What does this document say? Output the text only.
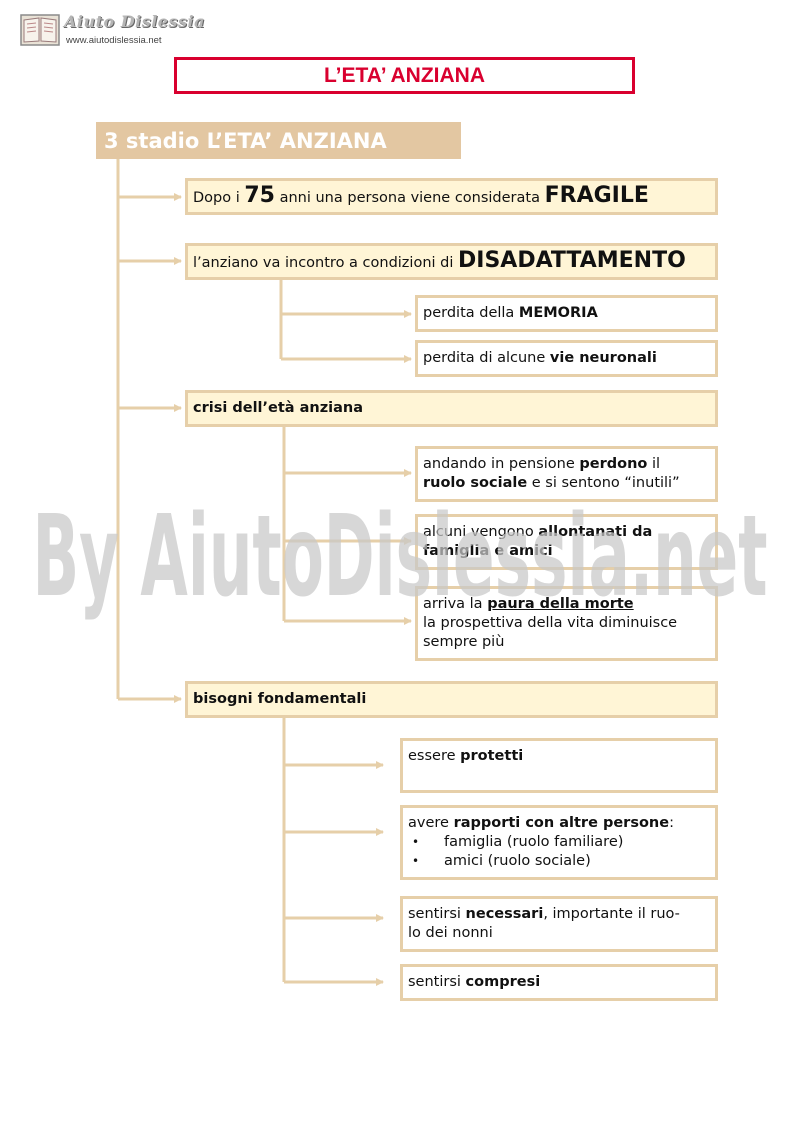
Aiuto Dislessia
www.aiutodislessia.net
L’ETA’ ANZIANA
3 stadio L’ETA’ ANZIANA
Dopo i 75 anni una persona viene considerata FRAGILE
l’anziano va incontro a condizioni di DISADATTAMENTO
perdita della MEMORIA
perdita di alcune vie neuronali
crisi dell’età anziana
andando in pensione perdono il
ruolo sociale e si sentono “inutili”
alcuni vengono allontanati da
famiglia e amici
arriva la paura della morte
la prospettiva della vita diminuisce
sempre più
bisogni fondamentali
essere protetti
avere rapporti con altre persone:
• famiglia (ruolo familiare)
• amici (ruolo sociale)
sentirsi necessari, importante il ruo-
lo dei nonni
sentirsi compresi
By AiutoDislessia.net
